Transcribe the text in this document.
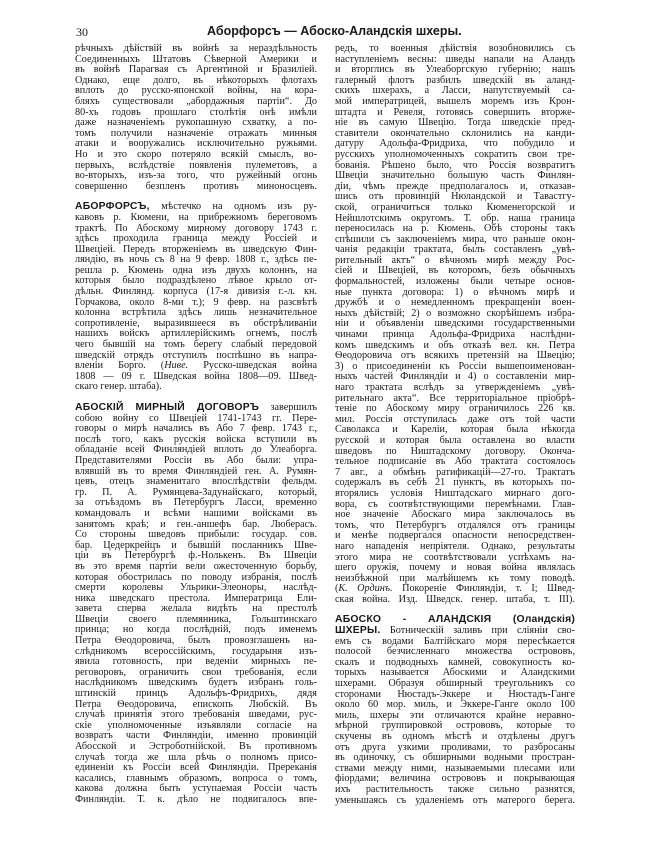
30	Аборфорсъ — Абоско-Аландскія шхеры.
рѣчныхъ дѣйствій въ войнѣ за нераздѣльность
Соединенныхъ Штатовъ Сѣверной Америки и
въ войнѣ Парагвая съ Аргентиной и Бразиліей.
Однако, еще долго, въ нѣкоторыхъ флотахъ
вплоть до русско-японской войны, на кора-
бляхъ существовали „абордажныя партіи“. До
80-хъ годовъ прошлаго столѣтія онѣ имѣли
даже назначеніемъ рукопашную схватку, а по-
томъ получили назначеніе отражать минныя
атаки и вооружались исключительно ружьями.
Но и это скоро потеряло всякій смыслъ, во-
первыхъ, вслѣдствіе появленія пулеметовъ, а
во-вторыхъ, изъ-за того, что ружейный огонь
совершенно безпленъ противъ миноносцевъ.
АБОРФОРСЪ, мѣстечко на одномъ изъ ру-
кавовъ р. Кюмени, на прибрежномъ береговомъ
трактѣ. По Абоскому мирному договору 1743 г.
здѣсь проходила граница между Россіей и
Швеціей. Передъ вторженіемъ въ шведскую Фин-
ляндію, въ ночь съ 8 на 9 февр. 1808 г., здѣсь пе-
решла р. Кюмень одна изъ двухъ колоннъ, на
которыя было подраздѣлено лѣвое крыло от-
дѣльн. Финлянд. корпуса (17-я дивизія г.-л. кн.
Горчакова, около 8-ми т.); 9 февр. на разсвѣтѣ
колонна встрѣтила здѣсь лишь незначительное
сопротивленіе, выразившееся въ обстрѣливаніи
нашихъ войскъ артиллерійскимъ огнемъ, послѣ
чего бывшій на томъ берегу слабый передовой
шведскій отрядъ отступилъ поспѣшно въ напра-
вленіи Борго. (Ниве. Русско-шведская война
1808 — 09 г. Шведская война 1808—09. Швед-
скаго генер. штаба).
АБОСКІЙ МИРНЫЙ ДОГОВОРЪ завершилъ
собою войну со Швеціей 1741-1743 гг. Пере-
говоры о мирѣ начались въ Або 7 февр. 1743 г.,
послѣ того, какъ русскія войска вступили въ
обладаніе всей Финляндіей вплоть до Улеаборга.
Представителями Россіи въ Або были: упра-
влявшій въ то время Финляндіей ген. А. Румян-
цевъ, отецъ знаменитаго впослѣдствіи фельдм.
гр. П. А. Румянцева-Задунайскаго, который,
за отъѣздомъ въ Петербургъ Ласси, временно
командовалъ и всѣми нашими войсками въ
занятомъ краѣ; и ген.-аншефъ бар. Люберасъ.
Со стороны шведовъ прибыли: государ. сов.
бар. Цедеркрейцъ и бывшій посланникъ Шве-
ціи въ Петербургѣ ф.-Нолькенъ. Въ Швеціи
въ это время партіи вели ожесточенную борьбу,
которая обострилась по поводу избранія, послѣ
смерти королевы Ульрики-Элеоноры, наслѣд-
ника шведскаго престола. Императрица Ели-
завета сперва желала видѣть на престолѣ
Швеціи своего племянника, Гольштинскаго
принца; но когда послѣдній, подъ именемъ
Петра Ѳеодоровича, былъ провозглашенъ на-
слѣдникомъ всероссійскимъ, государыня изъ-
явила готовность, при веденіи мирныхъ пе-
реговоровъ, ограничить свои требованія, если
наслѣдникомъ шведскимъ будетъ избранъ голь-
штинскій принцъ Адольфъ-Фридрихъ, дядя
Петра Ѳеодоровича, епископъ Любскій. Въ
случаѣ принятія этого требованія шведами, рус-
скіе уполномоченные изъявляли согласіе на
возвратъ части Финляндіи, именно провинцій
Абосской и Эстроботнійской. Въ противномъ
случаѣ тогда же шла рѣчь о полномъ присо-
единеніи къ Россіи всей Финляндіи. Пререканія
касались, главнымъ образомъ, вопроса о томъ,
какова должна быть уступаемая Россіи часть
Финляндіи. Т. к. дѣло не подвигалось впе-
редъ, то военныя дѣйствія возобновились съ
наступленіемъ весны: шведы напали на Аландъ
и вторглись въ Улеаборгскую губернію; нашъ
галерный флотъ разбилъ шведскій въ аланд-
скихъ шхерахъ, а Ласси, напутствуемый са-
мой императрицей, вышелъ моремъ изъ Крон-
штадта и Ревеля, готовясь совершить вторже-
ніе въ самую Швецію. Тогда шведскіе пред-
ставители окончательно склонились на канди-
датуру Адольфа-Фридриха, что побудило и
русскихъ уполномоченныхъ сократить свои тре-
бованія. Рѣшено было, что Россія возвратитъ
Швеціи значительно большую часть Финлян-
діи, чѣмъ прежде предполагалось и, отказав-
шись отъ провинцій Нюландской и Тавастгу-
ской, ограничиться только Кюменегорской и
Нейшлотскимъ округомъ. Т. обр. наша граница
переносилась на р. Кюмень. Обѣ стороны такъ
спѣшили съ заключеніемъ мира, что раньше окон-
чанія редакціи трактата, былъ составленъ „увѣ-
рительный актъ“ о вѣчномъ мирѣ между Рос-
сіей и Швеціей, въ которомъ, безъ обычныхъ
формальностей, изложены были четыре основ-
ные пункта договора: 1) о вѣчномъ мирѣ и
дружбѣ и о немедленномъ прекращеніи воен-
ныхъ дѣйствій; 2) о возможно скорѣйшемъ избра-
ніи и объявленіи шведскими государственными
чинами принца Адольфа-Фридриха наслѣдни-
комъ шведскимъ и объ отказѣ вел. кн. Петра
Ѳеодоровича отъ всякихъ претензій на Швецію;
3) о присоединеніи къ Россіи вышепоименован-
ныхъ частей Финляндіи и 4) о составленіи мир-
наго трактата вслѣдъ за утвержденіемъ „увѣ-
рительнаго акта“. Все территоріальное пріобрѣ-
теніе по Абоскому миру ограничилось 226 кв.
мил. Россія отступилась даже отъ той части
Саволакса и Кареліи, которая была нѣкогда
русской и которая была оставлена во власти
шведовъ по Ништадскому договору. Оконча-
тельное подписаніе въ Або трактата состоялось
7 авг., а обмѣнъ ратификацій—27-го. Трактатъ
содержалъ въ себѣ 21 пунктъ, въ которыхъ по-
вторялись условія Ништадскаго мирнаго дого-
вора, съ соотвѣтствующими перемѣнами. Глав-
ное значеніе Абоскаго мира заключалось въ
томъ, что Петербургъ отдалялся отъ границы
и менѣе подвергался опасности непосредствен-
наго нападенія непріятеля. Однако, результаты
этого мира не соотвѣтствовали успѣхамъ на-
шего оружія, почему и новая война являлась
неизбѣжной при малѣйшемъ къ тому поводѣ.
(К. Ординъ. Покореніе Финляндіи, т. I; Швед-
ская война. Изд. Шведск. генер. штаба, т. III).
АБОСКО - АЛАНДСКІЯ (Оландскія)
ШХЕРЫ. Ботническій заливъ при сліяніи сво-
емъ съ водами Балтійскаго моря пересѣкается
полосой безчисленнаго множества острововъ,
скалъ и подводныхъ камней, совокупность ко-
торыхъ называется Абоскими и Аландскими
шхерами. Образуя обширный треугольникъ со
сторонами Нюстадъ-Эккере и Нюстадъ-Ганге
около 60 мор. миль, и Эккере-Ганге около 100
миль, шхеры эти отличаются крайне неравно-
мѣрной группировкой острововъ, которые то
скучены въ одномъ мѣстѣ и отдѣлены другъ
отъ друга узкими проливами, то разбросаны
въ одиночку, съ обширными водными простран-
ствами между ними, называемыми плесами или
фіордами; величина острововъ и покрывающая
ихъ растительность также сильно разнятся,
уменьшаясь съ удаленіемъ отъ матерого берега.
